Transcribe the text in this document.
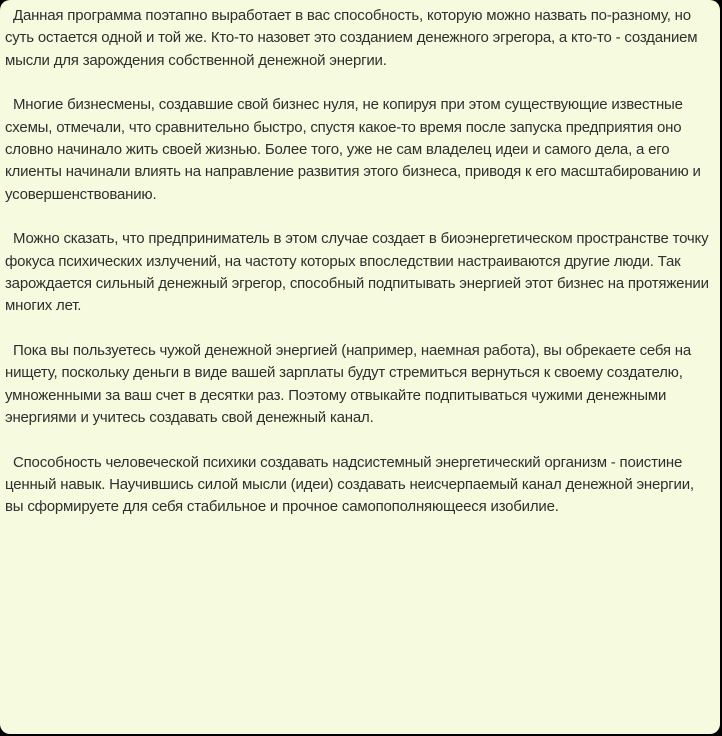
Данная программа поэтапно выработает в вас способность, которую можно назвать по-разному, но суть остается одной и той же. Кто-то назовет это созданием денежного эгрегора, а кто-то - созданием мысли для зарождения собственной денежной энергии.

Многие бизнесмены, создавшие свой бизнес нуля, не копируя при этом существующие известные схемы, отмечали, что сравнительно быстро, спустя какое-то время после запуска предприятия оно словно начинало жить своей жизнью. Более того, уже не сам владелец идеи и самого дела, а его клиенты начинали влиять на направление развития этого бизнеса, приводя к его масштабированию и усовершенствованию.

Можно сказать, что предприниматель в этом случае создает в биоэнергетическом пространстве точку фокуса психических излучений, на частоту которых впоследствии настраиваются другие люди. Так зарождается сильный денежный эгрегор, способный подпитывать энергией этот бизнес на протяжении многих лет.

Пока вы пользуетесь чужой денежной энергией (например, наемная работа), вы обрекаете себя на нищету, поскольку деньги в виде вашей зарплаты будут стремиться вернуться к своему создателю, умноженными за ваш счет в десятки раз. Поэтому отвыкайте подпитываться чужими денежными энергиями и учитесь создавать свой денежный канал.

Способность человеческой психики создавать надсистемный энергетический организм - поистине ценный навык. Научившись силой мысли (идеи) создавать неисчерпаемый канал денежной энергии, вы сформируете для себя стабильное и прочное самопополняющееся изобилие.
